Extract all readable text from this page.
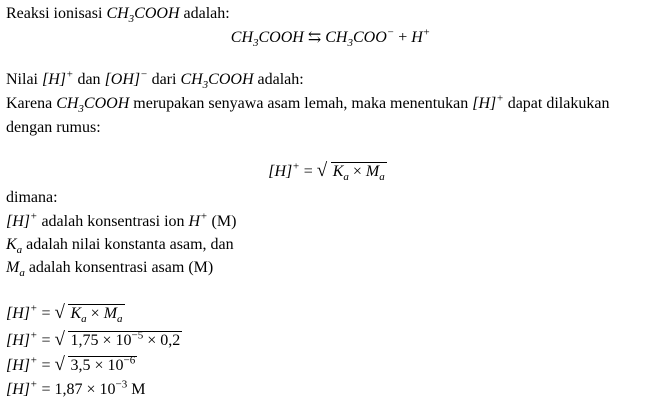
Reaksi ionisasi $CH_3COOH$ adalah:
$CH_3COOH$ ⇆ $CH_3COO^- + H^+$
Nilai [H]+ dan [OH]− dari $CH_3COOH$ adalah:
Karena $CH_3COOH$ merupakan senyawa asam lemah, maka menentukan [H]+ dapat dilakukan
dengan rumus:
[H]+ = √ $K_a \times M_a$
dimana:
[H]+ adalah konsentrasi ion H+ (M)
$K_a$ adalah nilai konstanta asam, dan
$M_a$ adalah konsentrasi asam (M)
[H]+ = √ $K_a \times M_a$
[H]+ = √ $1,75 \times 10^{-5} \times 0,2$
[H]+ = √ $3,5 \times 10^{-6}$
$[H]^+ = 1,87 \times 10^{-3}$ M
